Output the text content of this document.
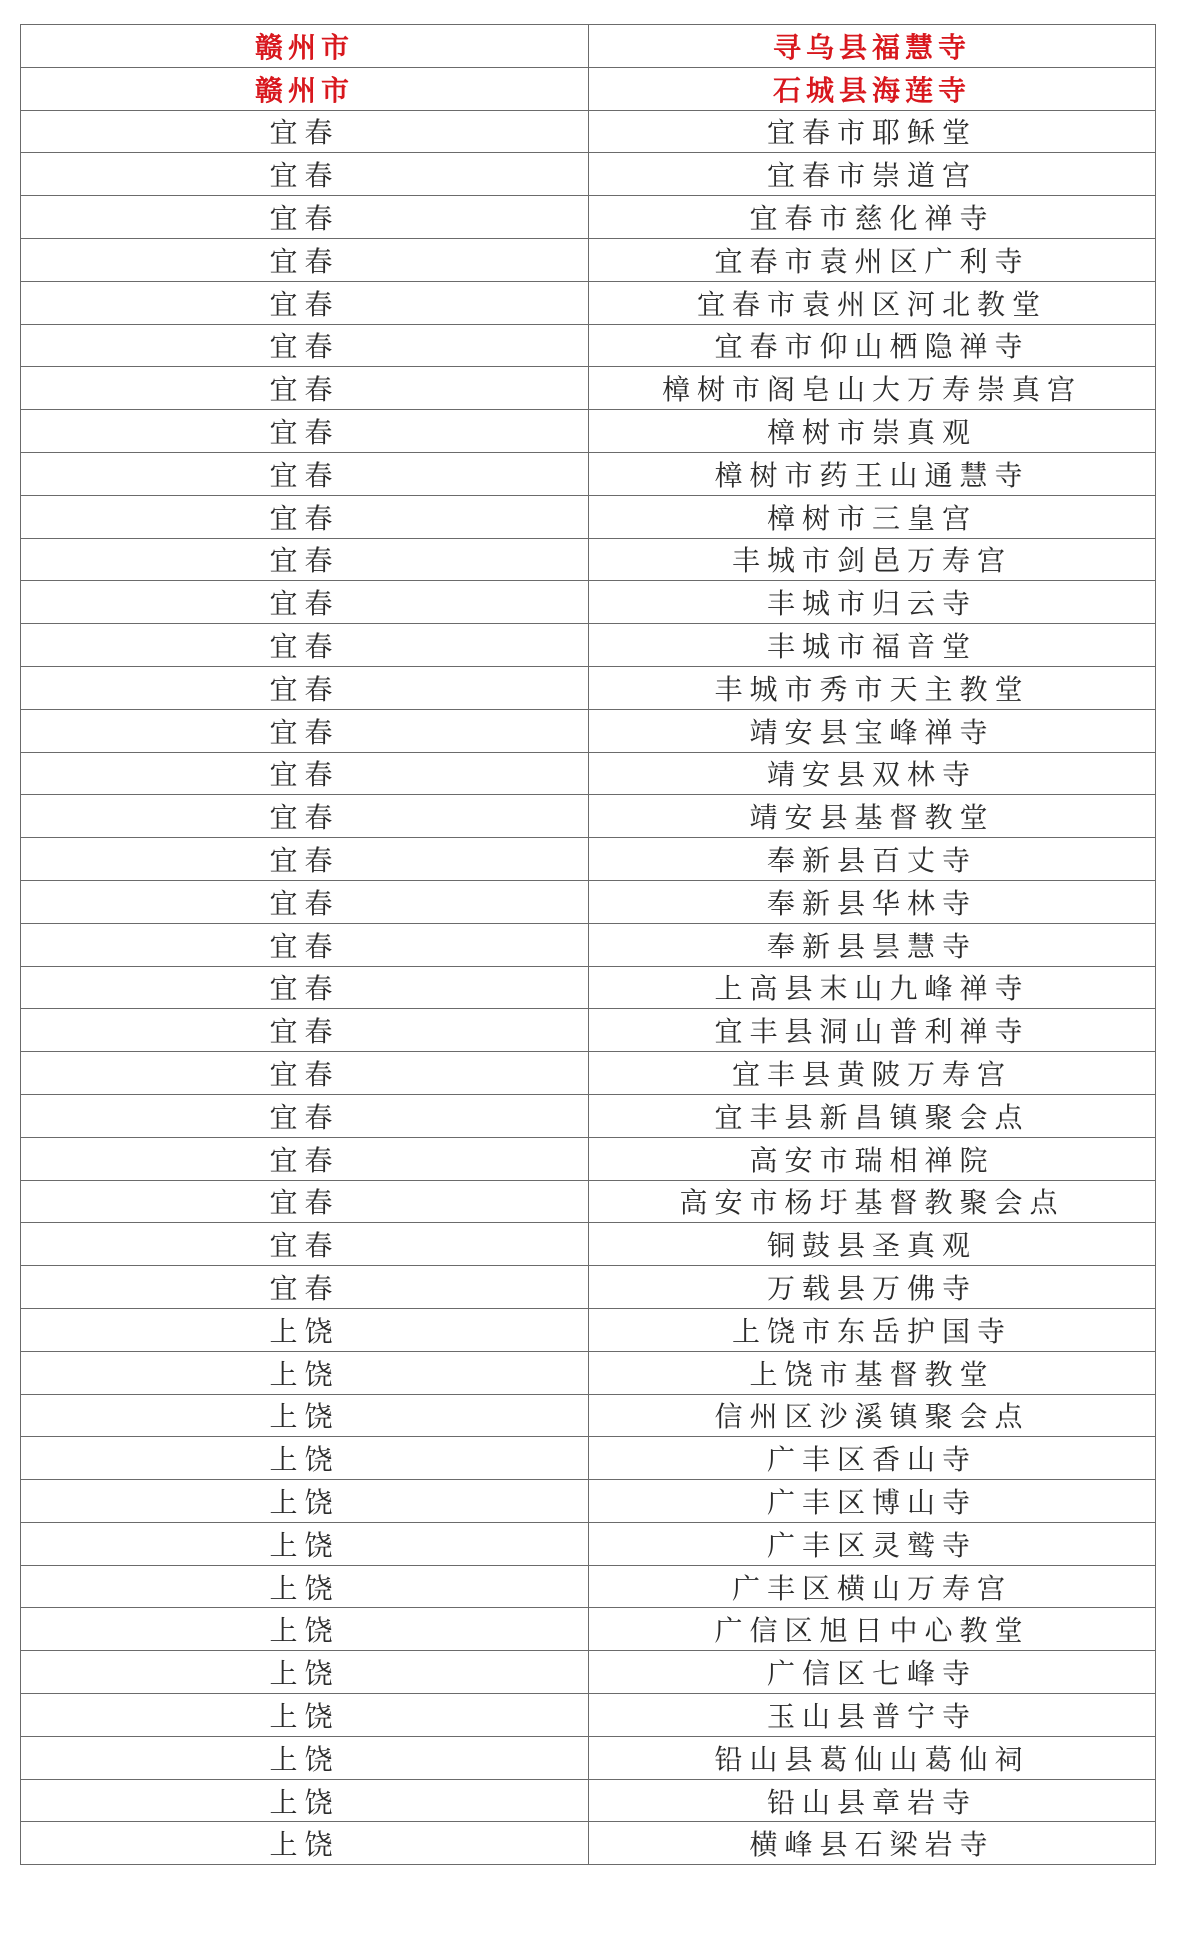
赣州市	寻乌县福慧寺
赣州市	石城县海莲寺
宜春	宜春市耶稣堂
宜春	宜春市崇道宫
宜春	宜春市慈化禅寺
宜春	宜春市袁州区广利寺
宜春	宜春市袁州区河北教堂
宜春	宜春市仰山栖隐禅寺
宜春	樟树市阁皂山大万寿崇真宫
宜春	樟树市崇真观
宜春	樟树市药王山通慧寺
宜春	樟树市三皇宫
宜春	丰城市剑邑万寿宫
宜春	丰城市归云寺
宜春	丰城市福音堂
宜春	丰城市秀市天主教堂
宜春	靖安县宝峰禅寺
宜春	靖安县双林寺
宜春	靖安县基督教堂
宜春	奉新县百丈寺
宜春	奉新县华林寺
宜春	奉新县昙慧寺
宜春	上高县末山九峰禅寺
宜春	宜丰县洞山普利禅寺
宜春	宜丰县黄陂万寿宫
宜春	宜丰县新昌镇聚会点
宜春	高安市瑞相禅院
宜春	高安市杨圩基督教聚会点
宜春	铜鼓县圣真观
宜春	万载县万佛寺
上饶	上饶市东岳护国寺
上饶	上饶市基督教堂
上饶	信州区沙溪镇聚会点
上饶	广丰区香山寺
上饶	广丰区博山寺
上饶	广丰区灵鹫寺
上饶	广丰区横山万寿宫
上饶	广信区旭日中心教堂
上饶	广信区七峰寺
上饶	玉山县普宁寺
上饶	铅山县葛仙山葛仙祠
上饶	铅山县章岩寺
上饶	横峰县石梁岩寺
